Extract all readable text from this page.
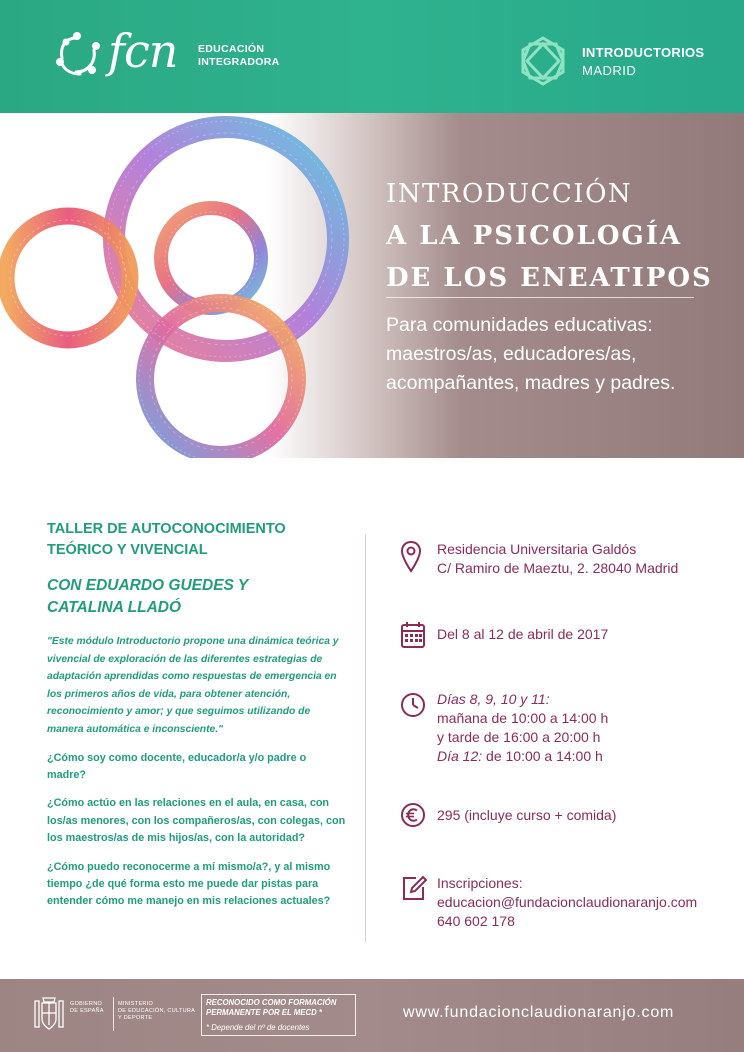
fcn EDUCACIÓN
INTEGRADORA
INTRODUCTORIOS
MADRID
INTRODUCCIÓN
A LA PSICOLOGÍA
DE LOS ENEATIPOS
Para comunidades educativas:
maestros/as, educadores/as,
acompañantes, madres y padres.
TALLER DE AUTOCONOCIMIENTO
TEÓRICO Y VIVENCIAL
CON EDUARDO GUEDES Y
CATALINA LLADÓ
"Este módulo Introductorio propone una dinámica teórica y vivencial de exploración de las diferentes estrategias de adaptación aprendidas como respuestas de emergencia en los primeros años de vida, para obtener atención, reconocimiento y amor; y que seguimos utilizando de manera automática e inconsciente."
¿Cómo soy como docente, educador/a y/o padre o madre?
¿Cómo actúo en las relaciones en el aula, en casa, con los/as menores, con los compañeros/as, con colegas, con los maestros/as de mis hijos/as, con la autoridad?
¿Cómo puedo reconocerme a mí mismo/a?, y al mismo tiempo ¿de qué forma esto me puede dar pistas para entender cómo me manejo en mis relaciones actuales?
Residencia Universitaria Galdós
C/ Ramiro de Maeztu, 2. 28040 Madrid
Del 8 al 12 de abril de 2017
Días 8, 9, 10 y 11:
mañana de 10:00 a 14:00 h
y tarde de 16:00 a 20:00 h
Día 12: de 10:00 a 14:00 h
295 (incluye curso + comida)
Inscripciones:
educacion@fundacionclaudionaranjo.com
640 602 178
GOBIERNO
DE ESPAÑA
MINISTERIO
DE EDUCACIÓN, CULTURA
Y DEPORTE
RECONOCIDO COMO FORMACIÓN
PERMANENTE POR EL MECD *
* Depende del nº de docentes
www.fundacionclaudionaranjo.com
